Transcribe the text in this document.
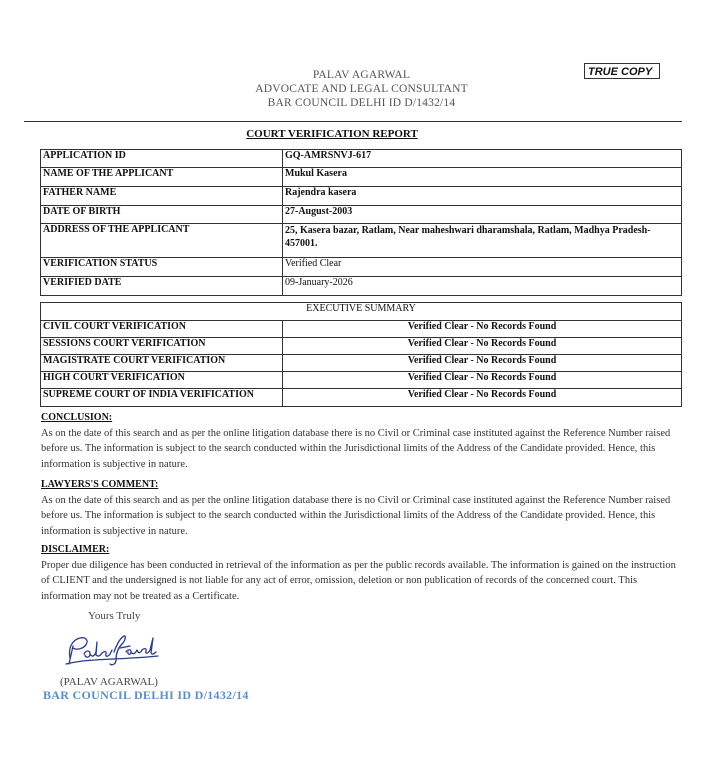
TRUE COPY
PALAV AGARWAL
ADVOCATE AND LEGAL CONSULTANT
BAR COUNCIL DELHI ID D/1432/14
COURT VERIFICATION REPORT
APPLICATION ID	GQ-AMRSNVJ-617
NAME OF THE APPLICANT	Mukul Kasera
FATHER NAME	Rajendra kasera
DATE OF BIRTH	27-August-2003
ADDRESS OF THE APPLICANT	25, Kasera bazar, Ratlam, Near maheshwari dharamshala, Ratlam, Madhya Pradesh-457001.
VERIFICATION STATUS	Verified Clear
VERIFIED DATE	09-January-2026
EXECUTIVE SUMMARY	
CIVIL COURT VERIFICATION	Verified Clear - No Records Found
SESSIONS COURT VERIFICATION	Verified Clear - No Records Found
MAGISTRATE COURT VERIFICATION	Verified Clear - No Records Found
HIGH COURT VERIFICATION	Verified Clear - No Records Found
SUPREME COURT OF INDIA VERIFICATION	Verified Clear - No Records Found
CONCLUSION:
As on the date of this search and as per the online litigation database there is no Civil or Criminal case instituted against the Reference Number raised before us. The information is subject to the search conducted within the Jurisdictional limits of the Address of the Candidate provided. Hence, this information is subjective in nature.
LAWYERS'S COMMENT:
As on the date of this search and as per the online litigation database there is no Civil or Criminal case instituted against the Reference Number raised before us. The information is subject to the search conducted within the Jurisdictional limits of the Address of the Candidate provided. Hence, this information is subjective in nature.
DISCLAIMER:
Proper due diligence has been conducted in retrieval of the information as per the public records available. The information is gained on the instruction of CLIENT and the undersigned is not liable for any act of error, omission, deletion or non publication of records of the concerned court. This information may not be treated as a Certificate.
Yours Truly
Palav Agarwal
(PALAV AGARWAL)
BAR COUNCIL DELHI ID D/1432/14
